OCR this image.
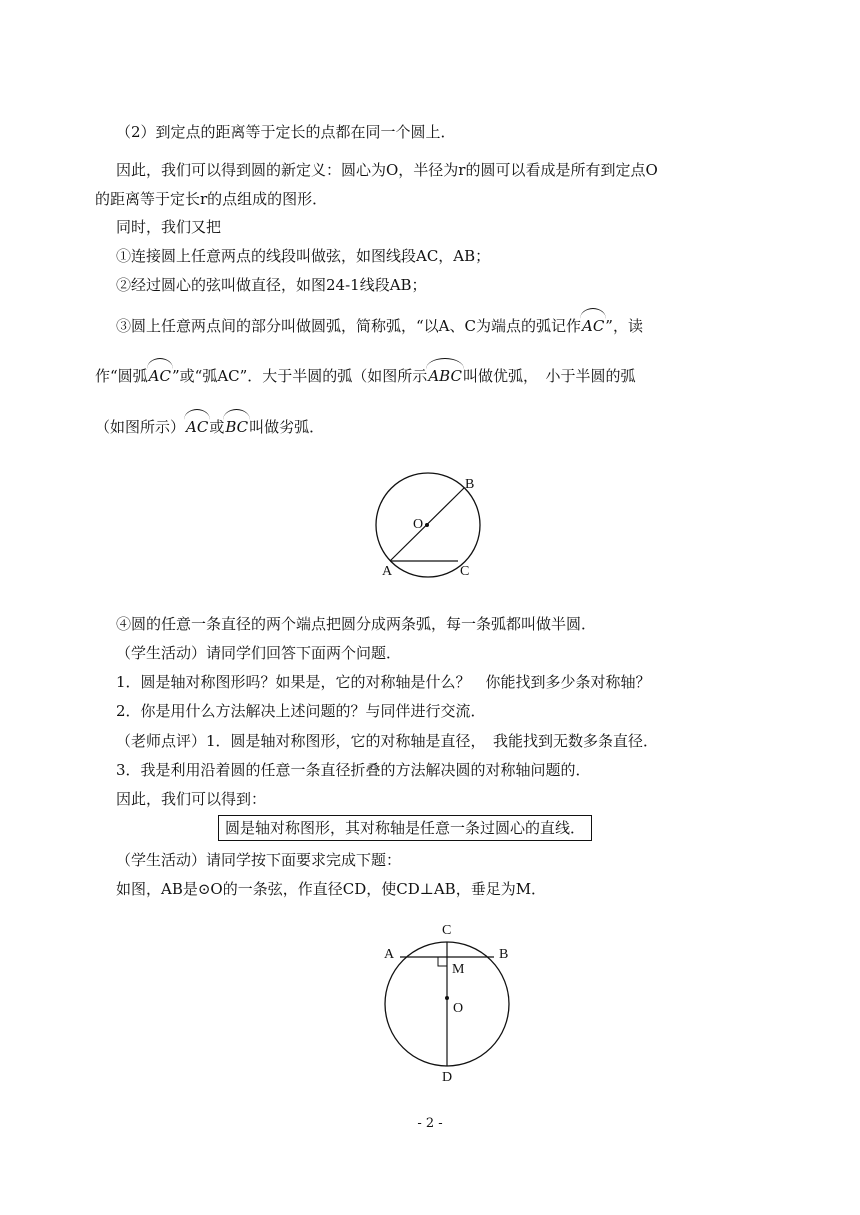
（2）到定点的距离等于定长的点都在同一个圆上．
因此，我们可以得到圆的新定义：圆心为O，半径为r的圆可以看成是所有到定点O
的距离等于定长r的点组成的图形．
同时，我们又把
①连接圆上任意两点的线段叫做弦，如图线段AC，AB；
②经过圆心的弦叫做直径，如图24-1线段AB；
③圆上任意两点间的部分叫做圆弧，简称弧，“以A、C为端点的弧记作AC”，读
作“圆弧AC”或“弧AC”．大于半圆的弧（如图所示ABC叫做优弧，　小于半圆的弧
（如图所示）AC或BC叫做劣弧．
O
B
A	C
④圆的任意一条直径的两个端点把圆分成两条弧，每一条弧都叫做半圆．
（学生活动）请同学们回答下面两个问题．
1．圆是轴对称图形吗？如果是，它的对称轴是什么？　你能找到多少条对称轴？
2．你是用什么方法解决上述问题的？与同伴进行交流．
（老师点评）1．圆是轴对称图形，它的对称轴是直径，　我能找到无数多条直径．
3．我是利用沿着圆的任意一条直径折叠的方法解决圆的对称轴问题的．
因此，我们可以得到：
圆是轴对称图形，其对称轴是任意一条过圆心的直线．
（学生活动）请同学按下面要求完成下题：
如图，AB是⊙O的一条弦，作直径CD，使CD⊥AB，垂足为M．
C
A	B
M
O
D
- 2 -
